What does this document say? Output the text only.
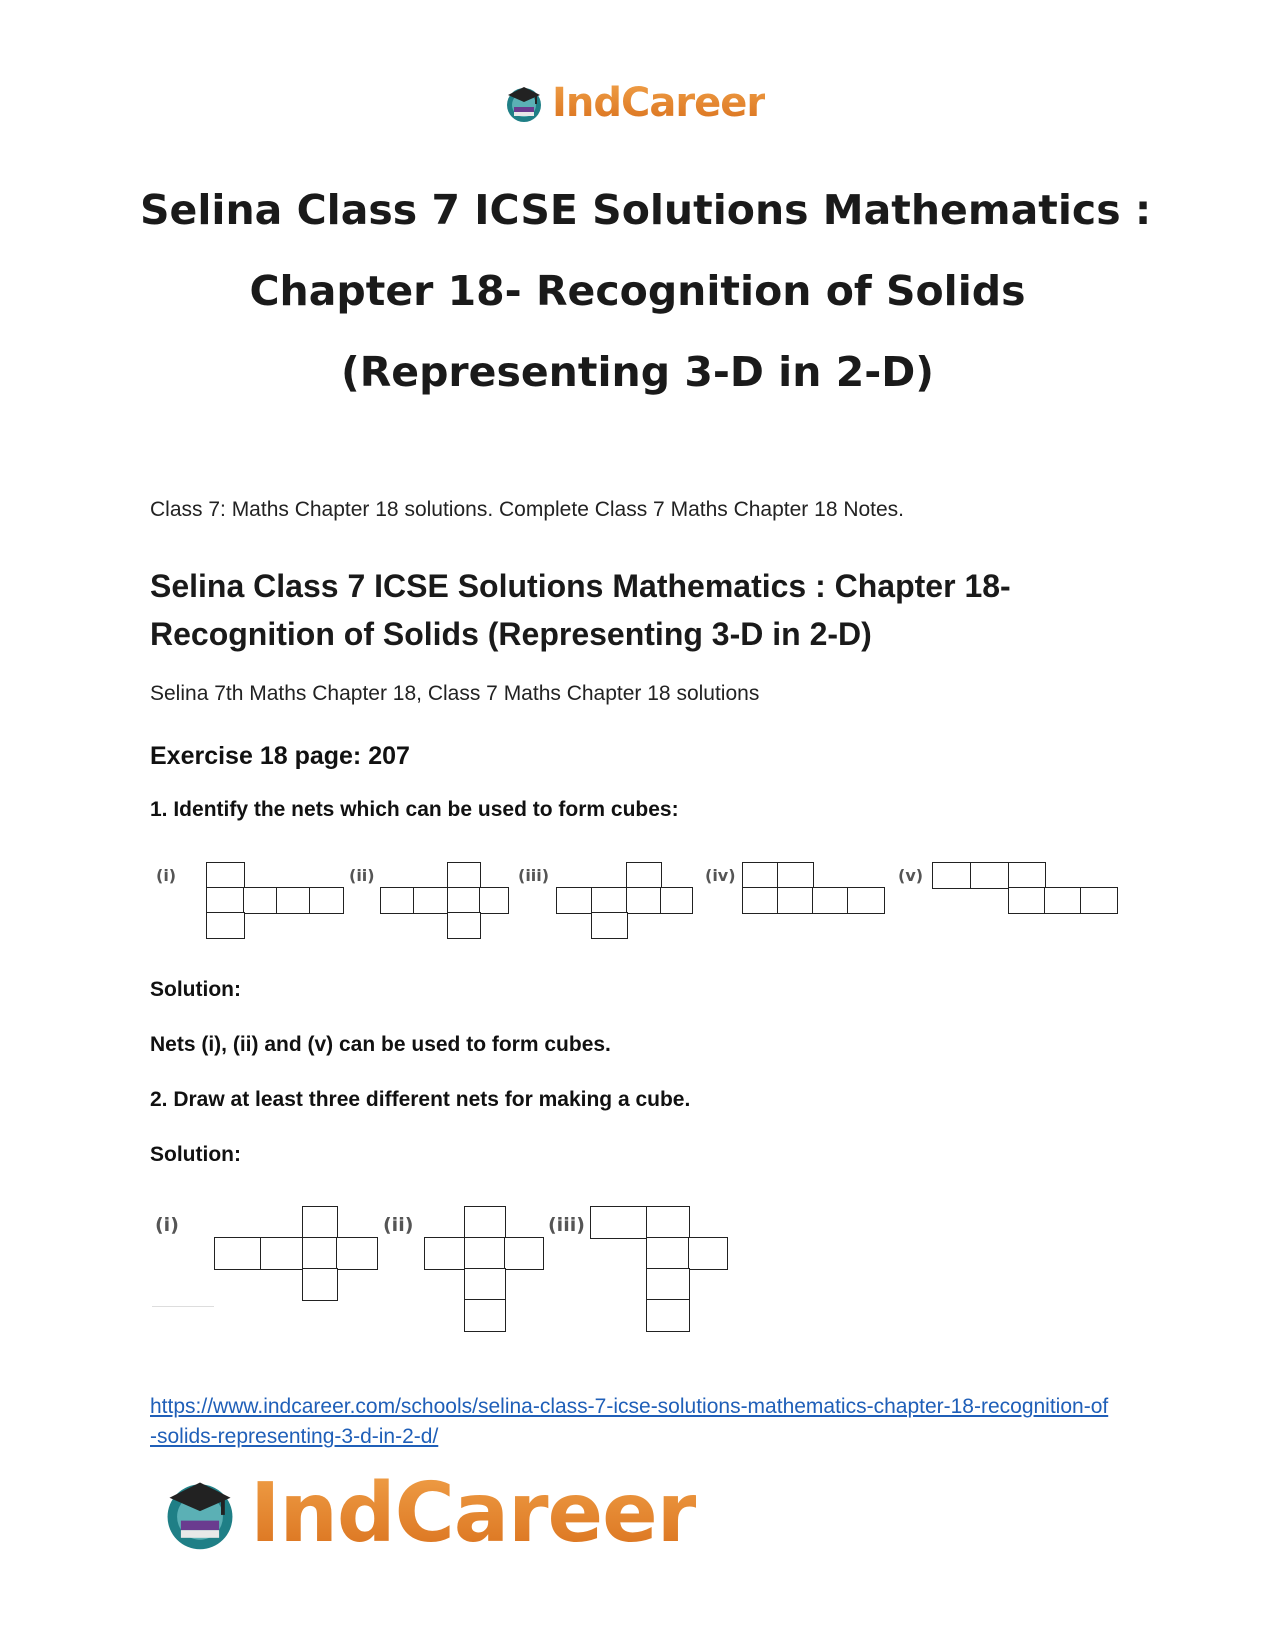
IndCareer
Selina Class 7 ICSE Solutions Mathematics :
Chapter 18- Recognition of Solids
(Representing 3-D in 2-D)
Class 7: Maths Chapter 18 solutions. Complete Class 7 Maths Chapter 18 Notes.
Selina Class 7 ICSE Solutions Mathematics : Chapter 18- Recognition of Solids (Representing 3-D in 2-D)
Selina 7th Maths Chapter 18, Class 7 Maths Chapter 18 solutions
Exercise 18 page: 207
1. Identify the nets which can be used to form cubes:
(i)	(ii)	(iii)	(iv)	(v)
Solution:
Nets (i), (ii) and (v) can be used to form cubes.
2. Draw at least three different nets for making a cube.
Solution:
(i)	(ii)	(iii)
https://www.indcareer.com/schools/selina-class-7-icse-solutions-mathematics-chapter-18-recognition-of-solids-representing-3-d-in-2-d/
IndCareer
